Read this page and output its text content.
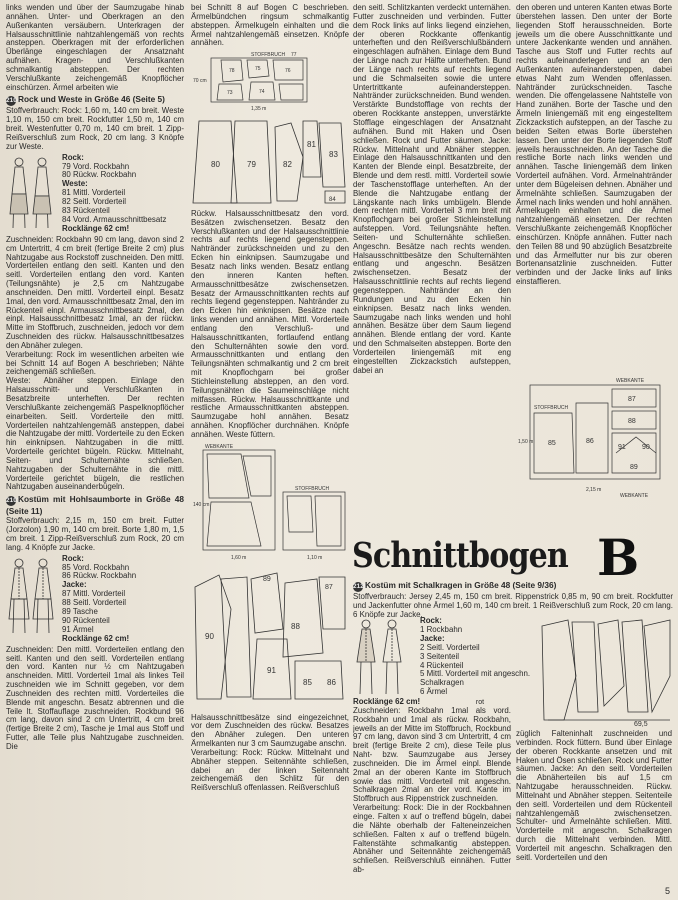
links wenden und über der Saumzugabe hinab annähen. Unter- und Oberkragen an den Außenkanten versäubern. Unterkragen der Halsausschnittlinie nahtzahlengemäß von rechts ansteppen. Oberkragen mit der erforderlichen Überlänge eingeschlagen der Ansatznaht aufnähen. Kragen- und Verschlußkanten schmalkantig absteppen. Der rechten Verschlußkante zeichengemäß Knopflöcher einschürzen. Ärmel arbeiten wie

2104Rock und Weste in Größe 46 (Seite 5)

Stoffverbrauch: Rock: 1,60 m, 140 cm breit. Weste 1,10 m, 150 cm breit. Rockfutter 1,50 m, 140 cm breit. Westenfutter 0,70 m, 140 cm breit. 1 Zipp-Reißverschluß zum Rock, 20 cm lang. 3 Knöpfe zur Weste.

Rock:
79 Vord. Rockbahn
80 Rückw. Rockbahn
Weste:
81 Mittl. Vorderteil
82 Seitl. Vorderteil
83 Rückenteil
84 Vord. Armausschnittbesatz
Rocklänge 62 cm!

Zuschneiden: Rockbahn 90 cm lang, davon sind 2 cm Untertritt, 4 cm breit (fertige Breite 2 cm) plus Nahtzugabe aus Rockstoff zuschneiden. Den mittl. Vorderteilen entlang den seitl. Kanten und den seitl. Vorderteilen entlang den vord. Kanten (Teilungsnähte) je 2,5 cm Nahtzugabe anschneiden. Den mittl. Vorderteil einpl. Besatz 1mal, den vord. Armausschnittbesatz 2mal, den im Rückenteil einpl. Armausschnittbesatz 2mal, den einpl. Halsausschnittbesatz 1mal, an der rückw. Mitte im Stoffbruch, zuschneiden, jedoch vor dem Zuschneiden des rückw. Halsausschnittbesatzes den Abnäher zulegen.

Verarbeitung: Rock im wesentlichen arbeiten wie bei Schnitt 14 auf Bogen A beschrieben; Nähte zeichengemäß schließen.

Weste: Abnäher steppen. Einlage den Halsausschnitt- und Verschlußkanten in Besatzbreite unterheften. Der rechten Verschlußkante zeichengemäß Paspelknopflöcher einarbeiten. Seitl. Vorderteile den mittl. Vorderteilen nahtzahlengemäß ansteppen, dabei die Nahtzugabe der mittl. Vorderteile zu den Ecken hin einknipsen. Nahtzugaben in die mittl. Vorderteile gerichtet bügeln. Rückw. Mittelnaht, Seiten- und Schulternähte schließen. Nahtzugaben der Schulternähte in die mittl. Vorderteile gerichtet bügeln, die restlichen Nahtzugaben auseinanderbügeln.

2103Kostüm mit Hohlsaumborte in Größe 48 (Seite 11)

Stoffverbrauch: 2,15 m, 150 cm breit. Futter (Jorzolon) 1,90 m, 140 cm breit. Borte 1,80 m, 1,5 cm breit. 1 Zipp-Reißverschluß zum Rock, 20 cm lang. 4 Knöpfe zur Jacke.

Rock:
85 Vord. Rockbahn
86 Rückw. Rockbahn
Jacke:
87 Mittl. Vorderteil
88 Seitl. Vorderteil
89 Tasche
90 Rückenteil
91 Ärmel
Rocklänge 62 cm!

Zuschneiden: Den mittl. Vorderteilen entlang den seitl. Kanten und den seitl. Vorderteilen entlang den vord. Kanten nur ½ cm Nahtzugaben anschneiden. Mittl. Vorderteil 1mal als linkes Teil zuschneiden wie im Schnitt gegeben, vor dem Zuschneiden des rechten mittl. Vorderteiles die Blende mit angeschn. Besatz abtrennen und die Teile lt. Stoffauflage zuschneiden. Rockbund 96 cm lang, davon sind 2 cm Untertritt, 4 cm breit (fertige Breite 2 cm), Tasche je 1mal aus Stoff und Futter, alle Teile plus Nahtzugabe zuschneiden. Die

bei Schnitt 8 auf Bogen C beschrieben. Ärmelbündchen ringsum schmalkantig absteppen. Ärmelkugeln einhalten und die Ärmel nahtzahlengemäß einsetzen. Knöpfe annähen.

STOFFBRUCH 77
78	75	76
73	74
70 cm
1,35 m

80	79	82
81
83
84

Rückw. Halsausschnittbesatz den vord. Besätzen zwischensetzen. Besatz den Verschlußkanten und der Halsausschnittlinie rechts auf rechts liegend gegensteppen. Nahtränder zurückschneiden und zu den Ecken hin einknipsen. Saumzugabe und Besatz nach links wenden. Besatz entlang den inneren Kanten heften. Armausschnittbesätze zwischensetzen. Besatz der Armausschnittkanten rechts auf rechts liegend gegensteppen. Nahtränder zu den Ecken hin einknipsen. Besätze nach links wenden und annähen. Mittl. Vorderteile entlang den Verschluß- und Halsausschnittkanten, fortlaufend entlang den Schulternähten sowie den vord. Armausschnittkanten und entlang den Teilungsnähten schmalkantig und 2 cm breit mit Knopflochgarn bei großer Stichleinstellung absteppen, an den vord. Teilungsnähten die Saumeinschläge nicht mitfassen. Rückw. Halsausschnittkante und restliche Armausschnittkanten absteppen. Saumzugabe hohl annähen. Besatz annähen. Knopflöcher durchnähen. Knöpfe annähen. Weste füttern.

WEBKANTE
STOFFBRUCH
140 cm
1,60 m	1,10 m

89
87
88
91
85 86
90

Halsausschnittbesätze sind eingezeichnet, vor dem Zuschneiden des rückw. Besatzes den Abnäher zulegen. Den unteren Ärmelkanten nur 3 cm Saumzugabe anschn.

Verarbeitung: Rock: Rückw. Mittelnaht und Abnäher steppen. Seitennähte schließen, dabei an der linken Seitennaht zeichengemäß den Schlitz für den Reißverschluß offenlassen. Reißverschluß

den seitl. Schlitzkanten verdeckt unternähen. Futter zuschneiden und verbinden. Futter dem Rock links auf links liegend einziehen, der oberen Rockkante offenkantig unterheften und den Reißverschlußbändern eingeschlagen aufnähen. Einlage dem Bund der Länge nach zur Hälfte unterheften. Bund der Länge nach rechts auf rechts liegend und die Schmalseiten sowie die untere Untertrittkante aufeinandersteppen. Nahtränder zurückschneiden. Bund wenden. Verstärkte Bundstofflage von rechts der oberen Rockkante ansteppen, unverstärkte Stofflage eingeschlagen der Ansatznaht aufnähen. Bund mit Haken und Ösen schließen. Rock und Futter säumen. Jacke: Rückw. Mittelnaht und Abnäher steppen. Einlage den Halsausschnittkanten und den Kanten der Blende einpl. Besatzbreite, der Blende und dem restl. mittl. Vorderteil sowie der Taschenstofflage unterheften. An der Blende die Nahtzugabe entlang der Längskante nach links umbügeln. Blende dem rechten mittl. Vorderteil 3 mm breit mit Knopflochgarn bei großer Stichleinstellung aufsteppen. Vord. Teilungsnähte heften. Seiten- und Schulternähte schließen. Angeschn. Besätze nach rechts wenden. Halsausschnittbesätze den Schulternähten entlang und angeschn. Besätzen zwischensetzen. Besatz der Halsausschnittlinie rechts auf rechts liegend gegensteppen. Nahtränder an den Rundungen und zu den Ecken hin einknipsen. Besatz nach links wenden. Saumzugabe nach links wenden und hohl annähen. Besätze über dem Saum liegend annähen. Blende entlang der vord. Kante und den Schmalseiten absteppen. Borte den Vorderteilen liniengemäß mit eng eingestellten Zickzackstich aufsteppen, dabei an

den oberen und unteren Kanten etwas Borte überstehen lassen. Den unter der Borte liegenden Stoff herausschneiden. Borte jeweils um die obere Ausschnittkante und untere Jackenkante wenden und annähen. Tasche aus Stoff und Futter rechts auf rechts aufeinanderlegen und an den Außenkanten aufeinandersteppen, dabei etwas Naht zum Wenden offenlassen. Nahtränder zurückschneiden. Tasche wenden. Die offengelassene Nahtstelle von Hand zunähen. Borte der Tasche und den Ärmeln liniengemäß mit eng eingestelltem Zickzackstich aufsteppen, an der Tasche zu beiden Seiten etwas Borte überstehen lassen. Den unter der Borte liegenden Stoff jeweils herausschneiden. An der Tasche die restliche Borte nach links wenden und annähen. Tasche liniengemäß dem linken Vorderteil aufnähen. Vord. Ärmelnahtränder unter dem Bügeleisen dehnen. Abnäher und Ärmelnähte schließen. Saumzugaben der Ärmel nach links wenden und hohl annähen. Ärmelkugeln einhalten und die Ärmel nahtzahlengemäß einsetzen. Der rechten Verschlußkante zeichengemäß Knopflöcher einschürzen. Knöpfe annähen. Futter nach den Teilen 88 und 90 abzüglich Besatzbreite und das Ärmelfutter nur bis zur oberen Bortenansatzlinie zuschneiden. Futter verbinden und der Jacke links auf links einstaffieren.

WEBKANTE
STOFFBRUCH
1,50 m
2,15 m
WEBKANTE
85	86
87
88
89
90
91
Schnittbogen B
2120Kostüm mit Schalkragen in Größe 48 (Seite 9/36)

Stoffverbrauch: Jersey 2,45 m, 150 cm breit. Rippenstrick 0,85 m, 90 cm breit. Rockfutter und Jackenfutter ohne Ärmel 1,60 m, 140 cm breit. 1 Reißverschluß zum Rock, 20 cm lang. 6 Knöpfe zur Jacke.

Rock:
1 Rockbahn
Jacke:
2 Seitl. Vorderteil
3 Seitenteil
4 Rückenteil
5 Mittl. Vorderteil mit angeschn. Schalkragen
6 Ärmel
rot
69,5

Rocklänge 62 cm!

Zuschneiden: Rockbahn 1mal als vord. Rockbahn und 1mal als rückw. Rockbahn, jeweils an der Mitte im Stoffbruch, Rockbund 97 cm lang, davon sind 3 cm Untertritt, 4 cm breit (fertige Breite 2 cm), diese Teile plus Naht- bzw. Saumzugabe aus Jersey zuschneiden. Die im Ärmel einpl. Blende 2mal an der oberen Kante im Stoffbruch sowie das mittl. Vorderteil mit angeschn. Schalkragen 2mal an der vord. Kante im Stoffbruch aus Rippenstrick zuschneiden.

Verarbeitung: Rock: Die in der Rockbahnen einge. Falten x auf o treffend bügeln, dabei die Nähte oberhalb der Falteneinzeichen schließen. Falten x auf o treffend bügeln. Faltenstähte schmalkantig absteppen. Abnäher und Seitennähte zeichengemäß schließen. Reißverschluß einnähen. Futter ab-

züglich Falteninhalt zuschneiden und verbinden. Rock füttern. Bund über Einlage der oberen Rockkante ansetzen und mit Haken und Ösen schließen. Rock und Futter säumen. Jacke: An den seitl. Vorderteilen die Abnäherteilen bis auf 1,5 cm Nahtzugabe herausschneiden. Rückw. Mittelnaht und Abnäher steppen. Seitenteile den seitl. Vorderteilen und dem Rückenteil nahtzahlengemäß zwischensetzen. Schulter- und Ärmelnähte schließen. Mittl. Vorderteile mit angeschn. Schalkragen durch die Mittelnaht verbinden. Mittl. Vorderteil mit angeschn. Schalkragen den seitl. Vorderteilen und den

5
